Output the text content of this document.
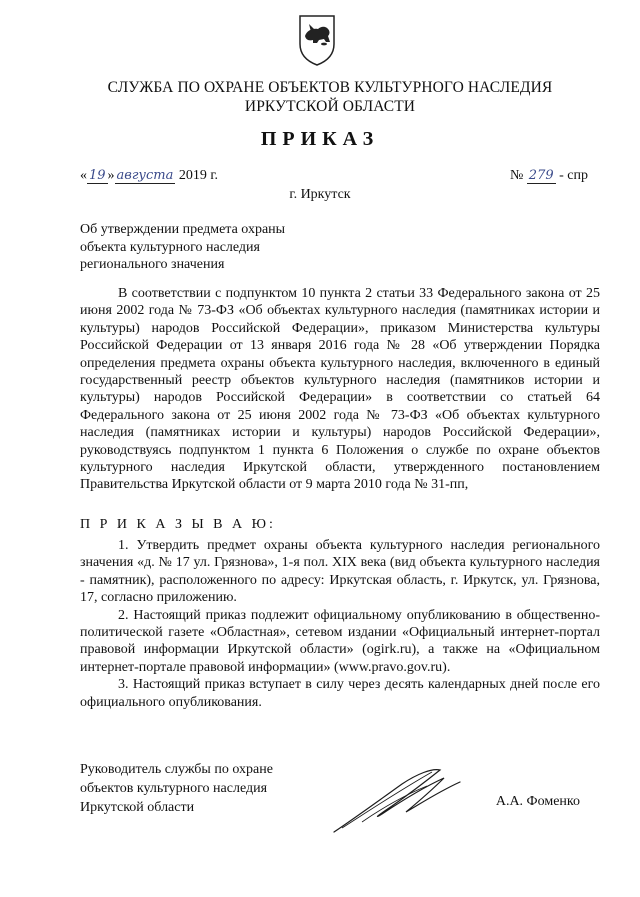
СЛУЖБА ПО ОХРАНЕ ОБЪЕКТОВ КУЛЬТУРНОГО НАСЛЕДИЯ ИРКУТСКОЙ ОБЛАСТИ
ПРИКАЗ
« 19 » августа 2019 г.	№ 279 - спр
г. Иркутск
Об утверждении предмета охраны
объекта культурного наследия
регионального значения

В соответствии с подпунктом 10 пункта 2 статьи 33 Федерального закона от 25 июня 2002 года № 73-ФЗ «Об объектах культурного наследия (памятниках истории и культуры) народов Российской Федерации», приказом Министерства культуры Российской Федерации от 13 января 2016 года № 28 «Об утверждении Порядка определения предмета охраны объекта культурного наследия, включенного в единый государственный реестр объектов культурного наследия (памятников истории и культуры) народов Российской Федерации» в соответствии со статьей 64 Федерального закона от 25 июня 2002 года № 73-ФЗ «Об объектах культурного наследия (памятниках истории и культуры) народов Российской Федерации», руководствуясь подпунктом 1 пункта 6 Положения о службе по охране объектов культурного наследия Иркутской области, утвержденного постановлением Правительства Иркутской области от 9 марта 2010 года № 31-пп,

П Р И К А З Ы В А Ю:

1. Утвердить предмет охраны объекта культурного наследия регионального значения «д. № 17 ул. Грязнова», 1-я пол. XIX века (вид объекта культурного наследия - памятник), расположенного по адресу: Иркутская область, г. Иркутск, ул. Грязнова, 17, согласно приложению.

2. Настоящий приказ подлежит официальному опубликованию в общественно-политической газете «Областная», сетевом издании «Официальный интернет-портал правовой информации Иркутской области» (ogirk.ru), а также на «Официальном интернет-портале правовой информации» (www.pravo.gov.ru).

3. Настоящий приказ вступает в силу через десять календарных дней после его официального опубликования.

Руководитель службы по охране
объектов культурного наследия
Иркутской области	А.А. Фоменко
